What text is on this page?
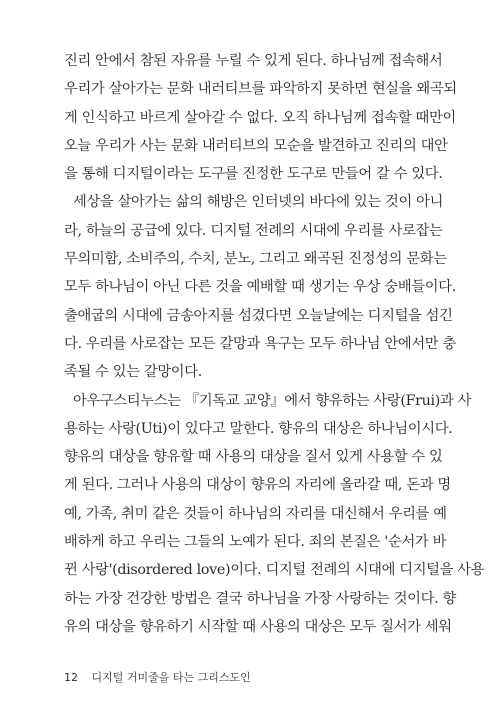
진리 안에서 참된 자유를 누릴 수 있게 된다. 하나님께 접속해서
우리가 살아가는 문화 내러티브를 파악하지 못하면 현실을 왜곡되
게 인식하고 바르게 살아갈 수 없다. 오직 하나님께 접속할 때만이
오늘 우리가 사는 문화 내러티브의 모순을 발견하고 진리의 대안
을 통해 디지털이라는 도구를 진정한 도구로 만들어 갈 수 있다.
세상을 살아가는 삶의 해방은 인터넷의 바다에 있는 것이 아니
라, 하늘의 공급에 있다. 디지털 전례의 시대에 우리를 사로잡는
무의미함, 소비주의, 수치, 분노, 그리고 왜곡된 진정성의 문화는
모두 하나님이 아닌 다른 것을 예배할 때 생기는 우상 숭배들이다.
출애굽의 시대에 금송아지를 섬겼다면 오늘날에는 디지털을 섬긴
다. 우리를 사로잡는 모든 갈망과 욕구는 모두 하나님 안에서만 충
족될 수 있는 갈망이다.
아우구스티누스는 『기독교 교양』에서 향유하는 사랑(Frui)과 사
용하는 사랑(Uti)이 있다고 말한다. 향유의 대상은 하나님이시다.
향유의 대상을 향유할 때 사용의 대상을 질서 있게 사용할 수 있
게 된다. 그러나 사용의 대상이 향유의 자리에 올라갈 때, 돈과 명
예, 가족, 취미 같은 것들이 하나님의 자리를 대신해서 우리를 예
배하게 하고 우리는 그들의 노예가 된다. 죄의 본질은 '순서가 바
뀐 사랑'(disordered love)이다. 디지털 전례의 시대에 디지털을 사용
하는 가장 건강한 방법은 결국 하나님을 가장 사랑하는 것이다. 향
유의 대상을 향유하기 시작할 때 사용의 대상은 모두 질서가 세워
12 디지털 거미줄을 타는 그리스도인
